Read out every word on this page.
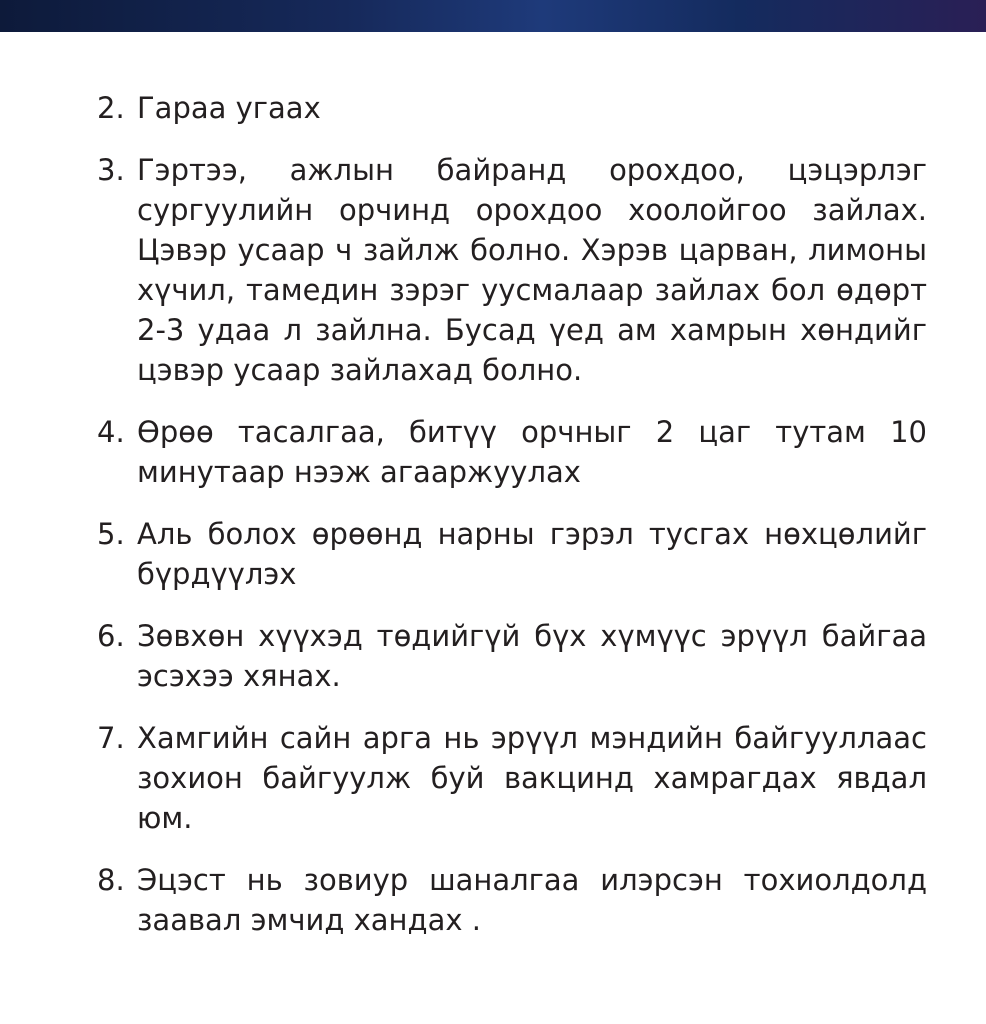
2. Гараа угаах
3. Гэртээ, ажлын байранд орохдоо, цэцэрлэг сургуулийн орчинд орохдоо хоолойгоо зайлах. Цэвэр усаар ч зайлж болно. Хэрэв царван, лимоны хүчил, тамедин зэрэг уусмалаар зайлах бол өдөрт 2-3 удаа л зайлна. Бусад үед ам хамрын хөндийг цэвэр усаар зайлахад болно.
4. Өрөө тасалгаа, битүү орчныг 2 цаг тутам 10 минутаар нээж агааржуулах
5. Аль болох өрөөнд нарны гэрэл тусгах нөхцөлийг бүрдүүлэх
6. Зөвхөн хүүхэд төдийгүй бүх хүмүүс эрүүл байгаа эсэхээ хянах.
7. Хамгийн сайн арга нь эрүүл мэндийн байгууллаас зохион байгуулж буй вакцинд хамрагдах явдал юм.
8. Эцэст нь зовиур шаналгаа илэрсэн тохиолдолд заавал эмчид хандах .
